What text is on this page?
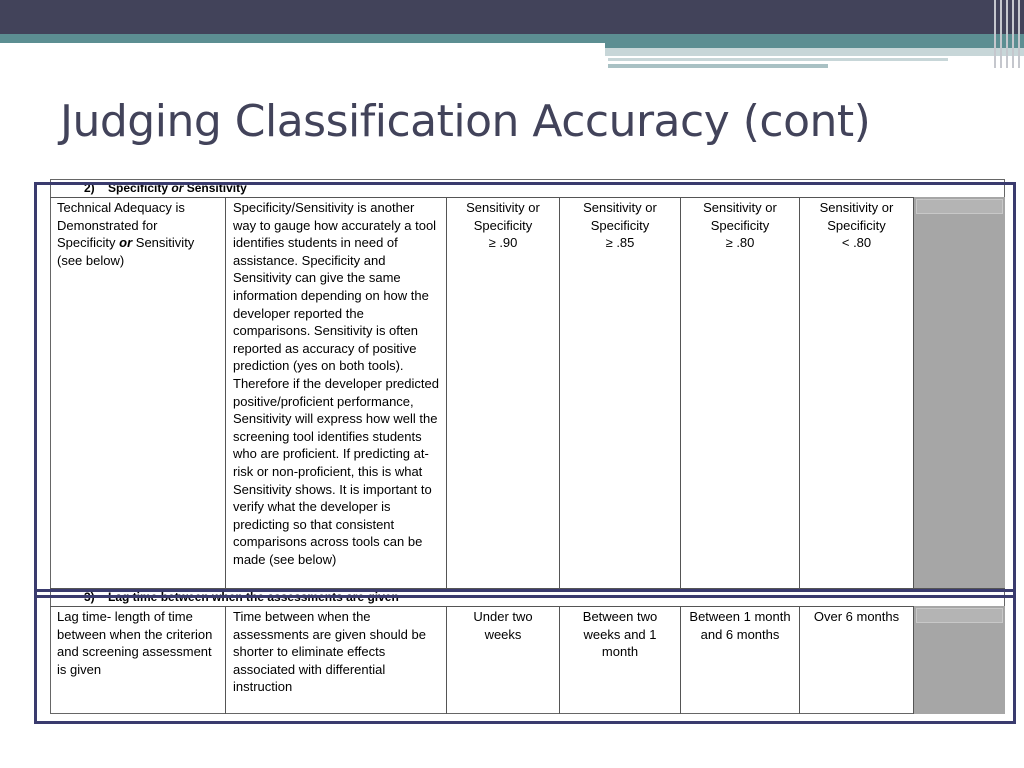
Judging Classification Accuracy (cont)
2) Specificity or Sensitivity
Technical Adequacy is Demonstrated for Specificity or Sensitivity (see below)
Specificity/Sensitivity is another way to gauge how accurately a tool identifies students in need of assistance. Specificity and Sensitivity can give the same information depending on how the developer reported the comparisons. Sensitivity is often reported as accuracy of positive prediction (yes on both tools). Therefore if the developer predicted positive/proficient performance, Sensitivity will express how well the screening tool identifies students who are proficient. If predicting at-risk or non-proficient, this is what Sensitivity shows. It is important to verify what the developer is predicting so that consistent comparisons across tools can be made (see below)
Sensitivity or Specificity
≥ .90
Sensitivity or Specificity
≥ .85
Sensitivity or Specificity
≥ .80
Sensitivity or Specificity
< .80
3) Lag time between when the assessments are given
Lag time- length of time between when the criterion and screening assessment is given
Time between when the assessments are given should be shorter to eliminate effects associated with differential instruction
Under two weeks
Between two weeks and 1 month
Between 1 month and 6 months
Over 6 months
